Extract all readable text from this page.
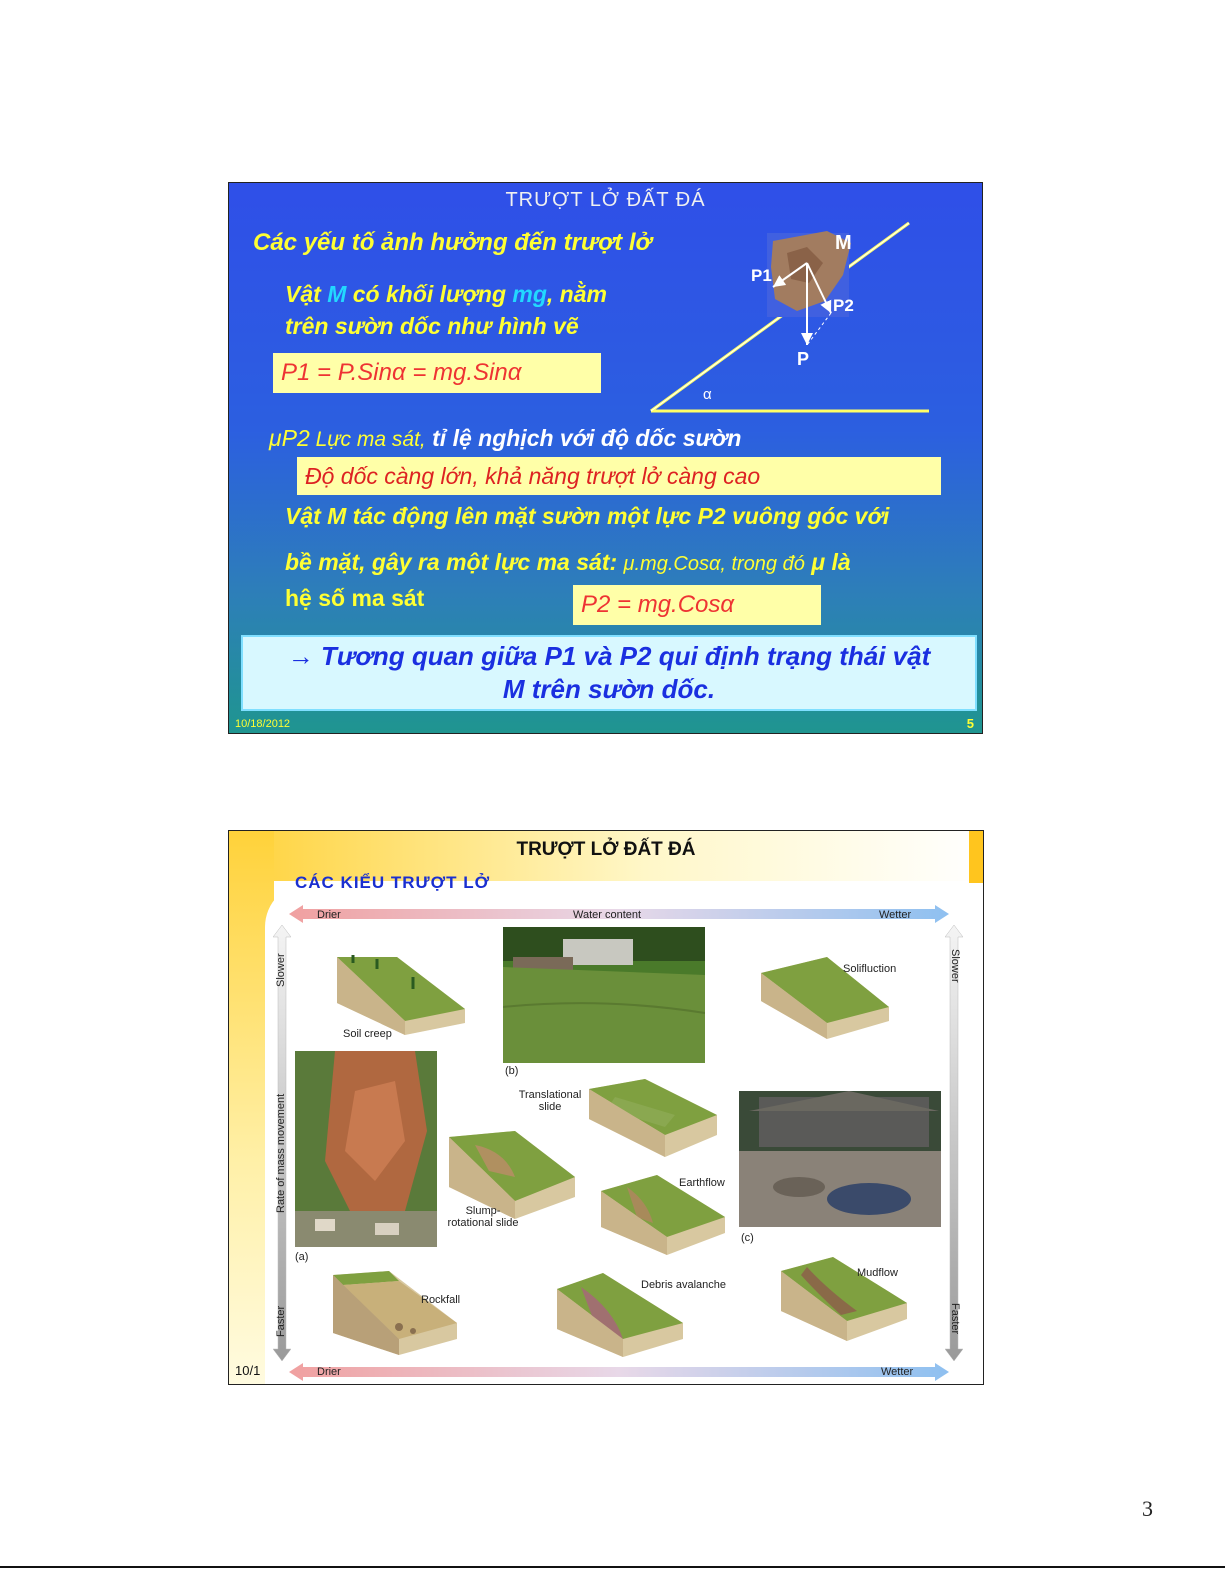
TRƯỢT LỞ ĐẤT ĐÁ
Các yếu tố ảnh hưởng đến trượt lở
Vật M có khối lượng mg, nằm
trên sườn dốc như hình vẽ
P1 = P.Sinα = mg.Sinα
M
P1
P2
P
α
μP2 Lực ma sát, tỉ lệ nghịch với độ dốc sườn
Độ dốc càng lớn, khả năng trượt lở càng cao
Vật M tác động lên mặt sườn một lực P2 vuông góc với
bề mặt, gây ra một lực ma sát: μ.mg.Cosα, trong đó μ là
hệ số ma sát	P2 = mg.Cosα
→ Tương quan giữa P1 và P2 qui định trạng thái vật
M trên sườn dốc.
10/18/2012	5
TRƯỢT LỞ ĐẤT ĐÁ
CÁC KIỂU TRƯỢT LỞ
Drier	Water content	Wetter
Drier	Wetter
Slower
Rate of mass movement
Faster
Slower
Faster
Soil creep
(b)
Solifluction
(a)
Translational slide
(c)
Slump-rotational slide
Earthflow
Rockfall
Debris avalanche
Mudflow
10/1
3
